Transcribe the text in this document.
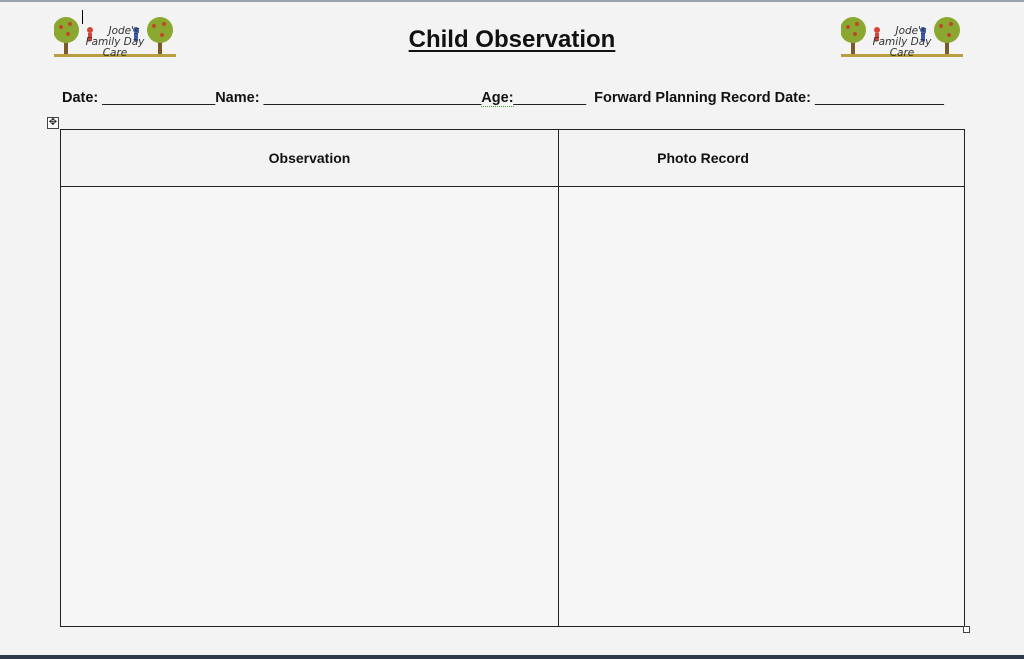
Jode's
Family Day Care	Child Observation	Jode's
Family Day Care
Date: ______________Name: ___________________________Age:_________ Forward Planning Record Date: ________________
✥
Observation	Photo Record
